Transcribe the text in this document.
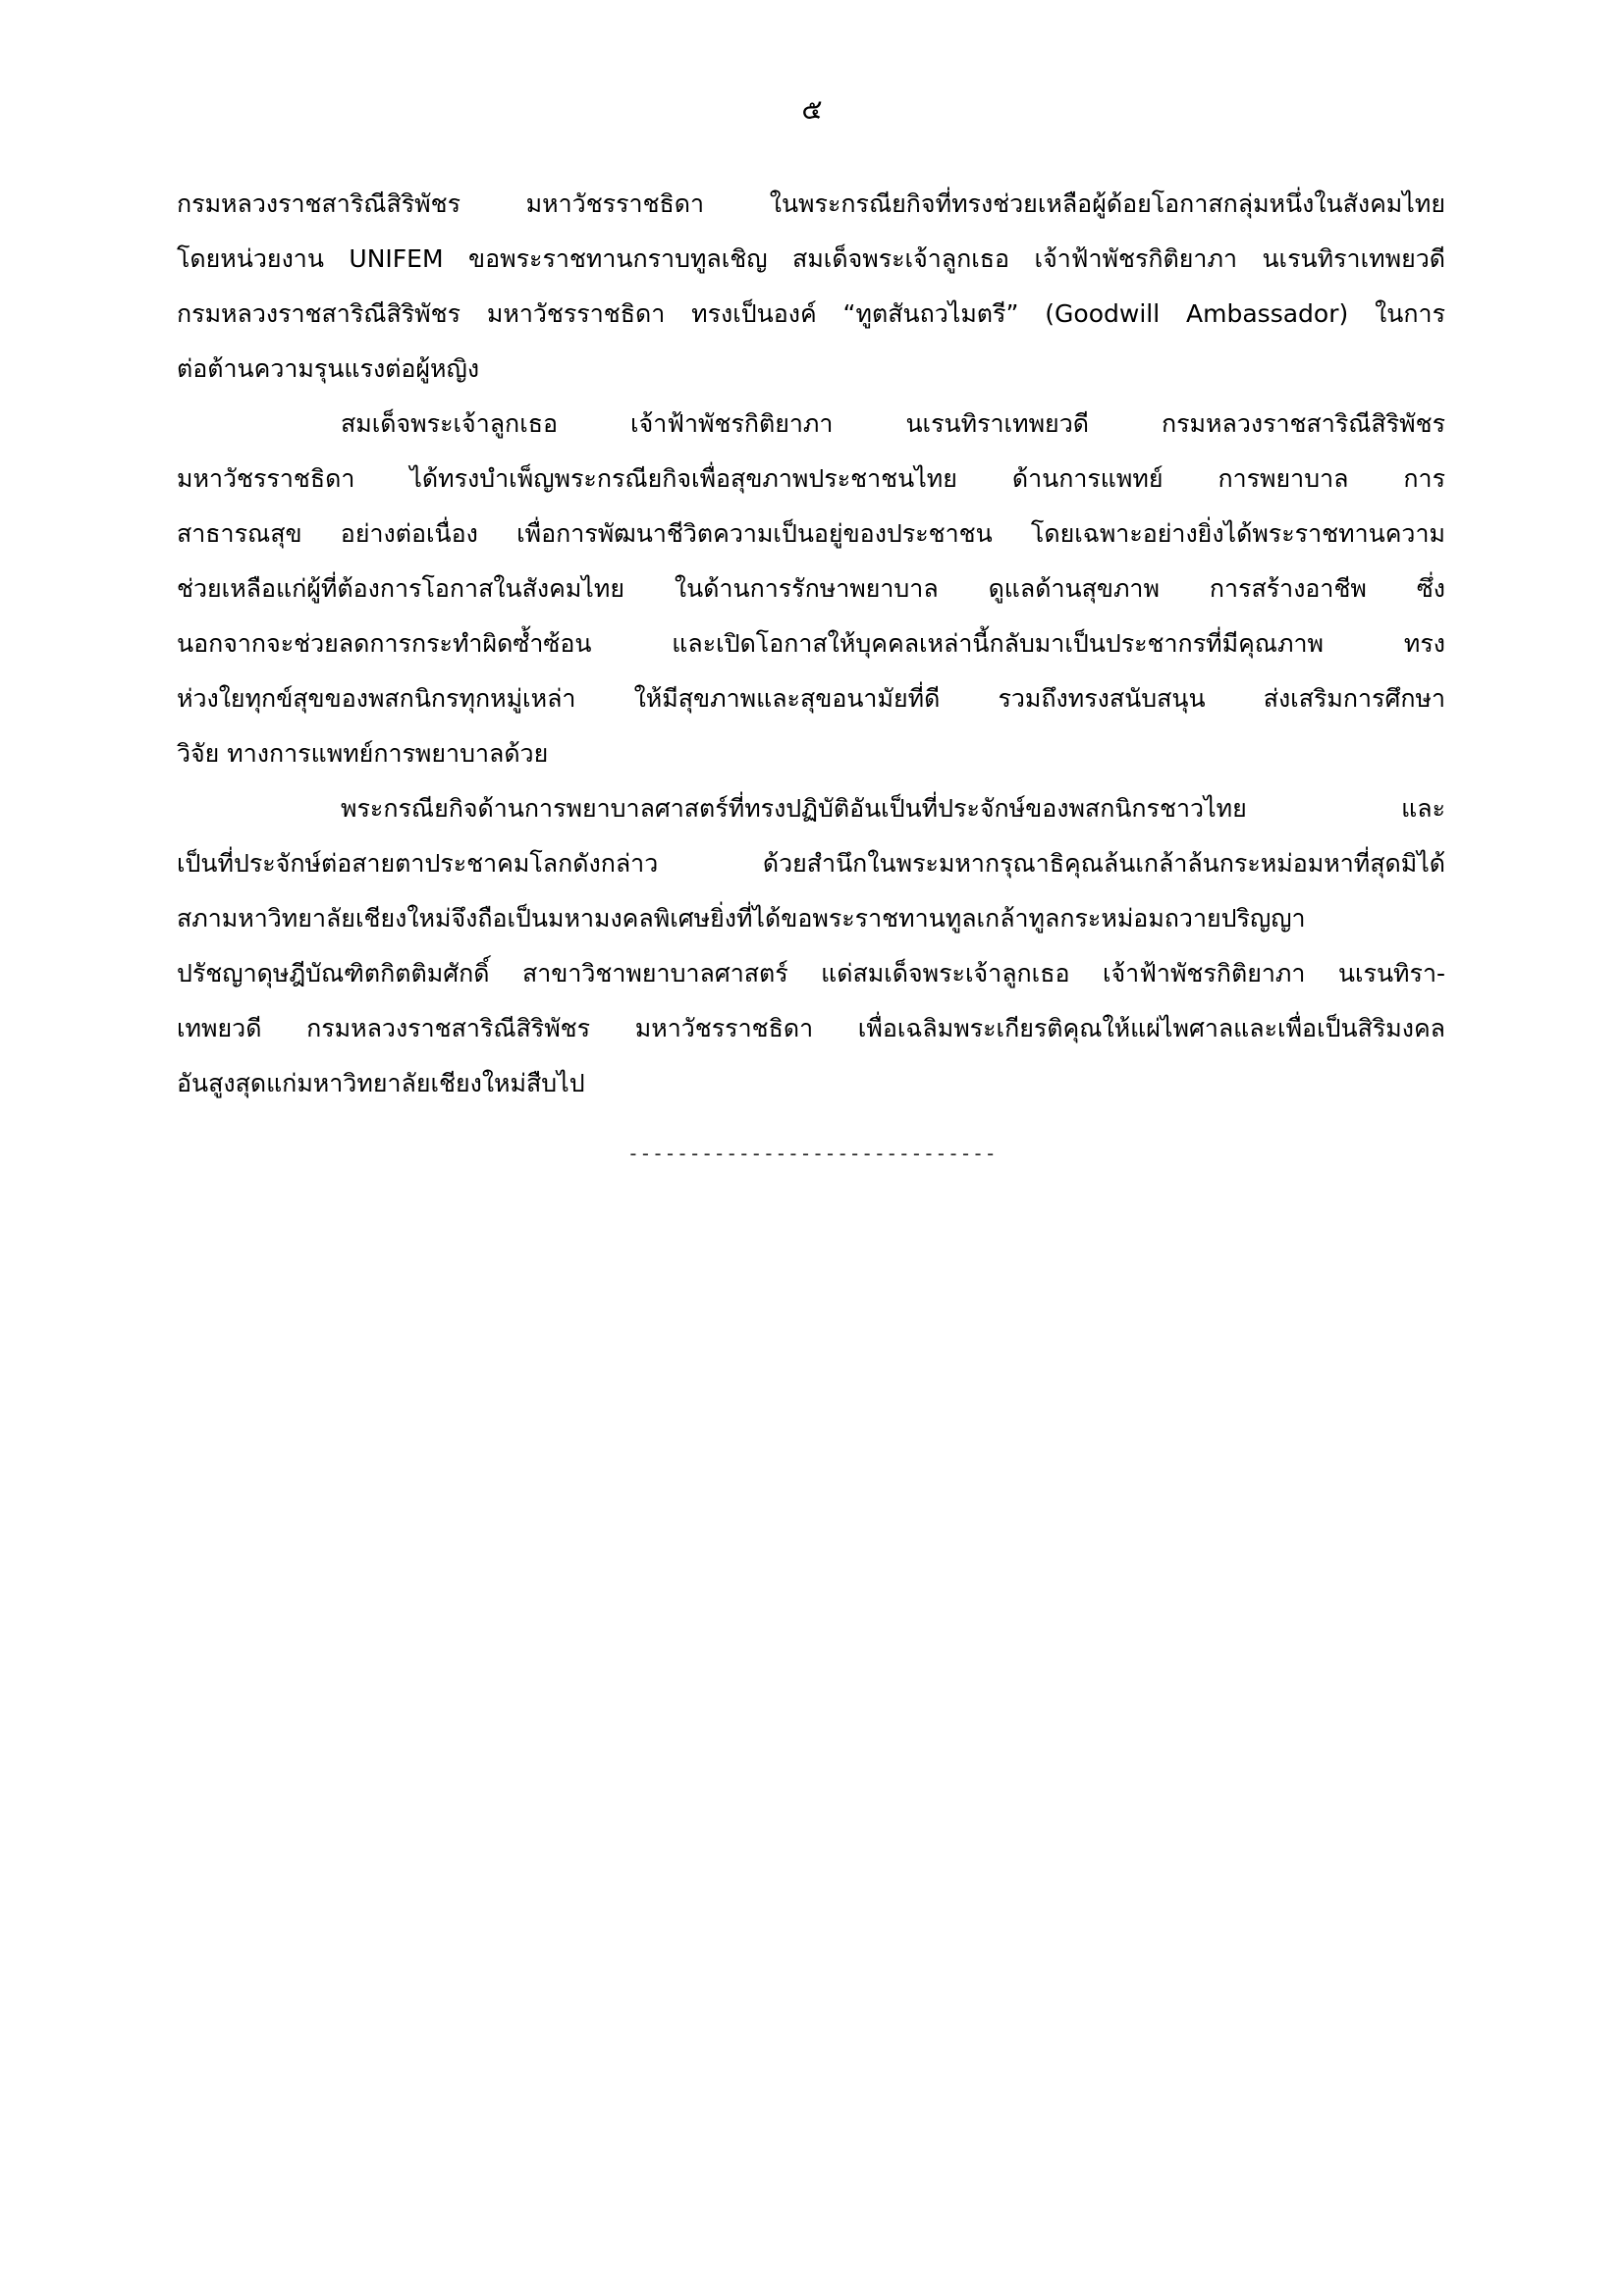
๕

กรมหลวงราชสาริณีสิริพัชร มหาวัชรราชธิดา ในพระกรณียกิจที่ทรงช่วยเหลือผู้ด้อยโอกาสกลุ่มหนึ่งในสังคมไทย
โดยหน่วยงาน UNIFEM ขอพระราชทานกราบทูลเชิญ สมเด็จพระเจ้าลูกเธอ เจ้าฟ้าพัชรกิติยาภา นเรนทิราเทพยวดี
กรมหลวงราชสาริณีสิริพัชร มหาวัชรราชธิดา ทรงเป็นองค์ “ทูตสันถวไมตรี” (Goodwill Ambassador) ในการ
ต่อต้านความรุนแรงต่อผู้หญิง

สมเด็จพระเจ้าลูกเธอ เจ้าฟ้าพัชรกิติยาภา นเรนทิราเทพยวดี กรมหลวงราชสาริณีสิริพัชร
มหาวัชรราชธิดา ได้ทรงบำเพ็ญพระกรณียกิจเพื่อสุขภาพประชาชนไทย ด้านการแพทย์ การพยาบาล การ
สาธารณสุข อย่างต่อเนื่อง เพื่อการพัฒนาชีวิตความเป็นอยู่ของประชาชน โดยเฉพาะอย่างยิ่งได้พระราชทานความ
ช่วยเหลือแก่ผู้ที่ต้องการโอกาสในสังคมไทย ในด้านการรักษาพยาบาล ดูแลด้านสุขภาพ การสร้างอาชีพ ซึ่ง
นอกจากจะช่วยลดการกระทำผิดซ้ำซ้อน และเปิดโอกาสให้บุคคลเหล่านี้กลับมาเป็นประชากรที่มีคุณภาพ ทรง
ห่วงใยทุกข์สุขของพสกนิกรทุกหมู่เหล่า ให้มีสุขภาพและสุขอนามัยที่ดี รวมถึงทรงสนับสนุน ส่งเสริมการศึกษา
วิจัย ทางการแพทย์การพยาบาลด้วย

พระกรณียกิจด้านการพยาบาลศาสตร์ที่ทรงปฏิบัติอันเป็นที่ประจักษ์ของพสกนิกรชาวไทย และ
เป็นที่ประจักษ์ต่อสายตาประชาคมโลกดังกล่าว ด้วยสำนึกในพระมหากรุณาธิคุณล้นเกล้าล้นกระหม่อมหาที่สุดมิได้
สภามหาวิทยาลัยเชียงใหม่จึงถือเป็นมหามงคลพิเศษยิ่งที่ได้ขอพระราชทานทูลเกล้าทูลกระหม่อมถวายปริญญา
ปรัชญาดุษฎีบัณฑิตกิตติมศักดิ์ สาขาวิชาพยาบาลศาสตร์ แด่สมเด็จพระเจ้าลูกเธอ เจ้าฟ้าพัชรกิติยาภา นเรนทิรา-
เทพยวดี กรมหลวงราชสาริณีสิริพัชร มหาวัชรราชธิดา เพื่อเฉลิมพระเกียรติคุณให้แผ่ไพศาลและเพื่อเป็นสิริมงคล
อันสูงสุดแก่มหาวิทยาลัยเชียงใหม่สืบไป

------------------------------
